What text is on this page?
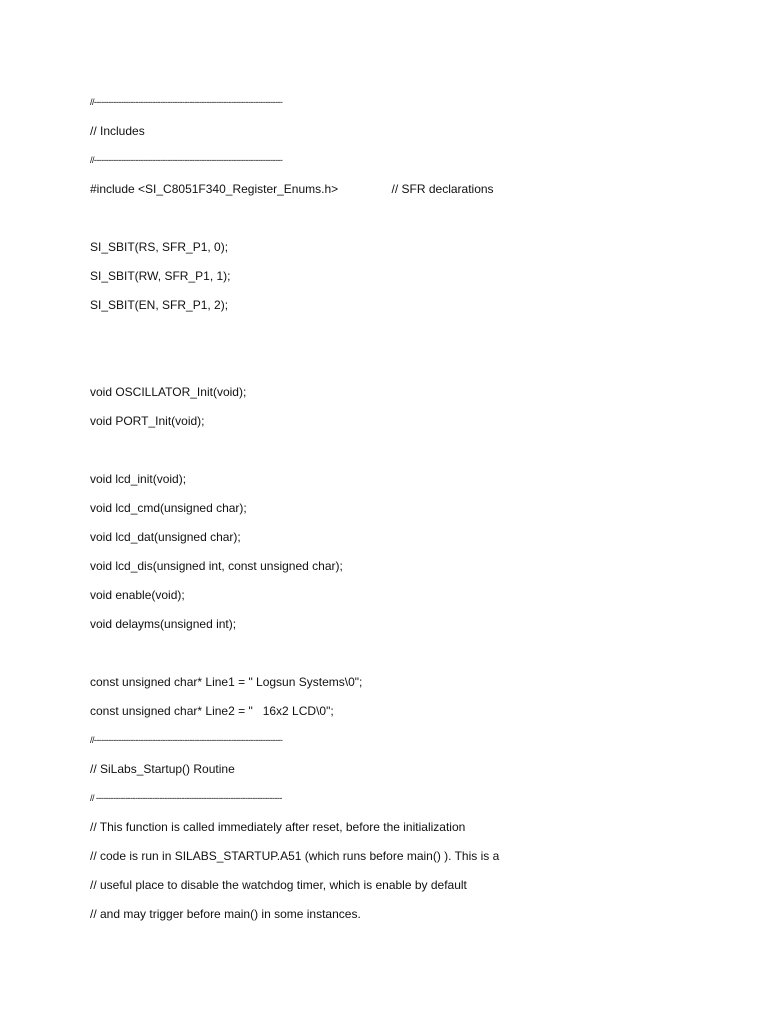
//-----------------------------------------------------------------------------
// Includes
//-----------------------------------------------------------------------------
#include <SI_C8051F340_Register_Enums.h>                // SFR declarations
SI_SBIT(RS, SFR_P1, 0);
SI_SBIT(RW, SFR_P1, 1);
SI_SBIT(EN, SFR_P1, 2);
void OSCILLATOR_Init(void);
void PORT_Init(void);
void lcd_init(void);
void lcd_cmd(unsigned char);
void lcd_dat(unsigned char);
void lcd_dis(unsigned int, const unsigned char);
void enable(void);
void delayms(unsigned int);
const unsigned char* Line1 = " Logsun Systems\0";
const unsigned char* Line2 = "   16x2 LCD\0";
//-----------------------------------------------------------------------------
// SiLabs_Startup() Routine
// ----------------------------------------------------------------------------
// This function is called immediately after reset, before the initialization
// code is run in SILABS_STARTUP.A51 (which runs before main() ). This is a
// useful place to disable the watchdog timer, which is enable by default
// and may trigger before main() in some instances.
